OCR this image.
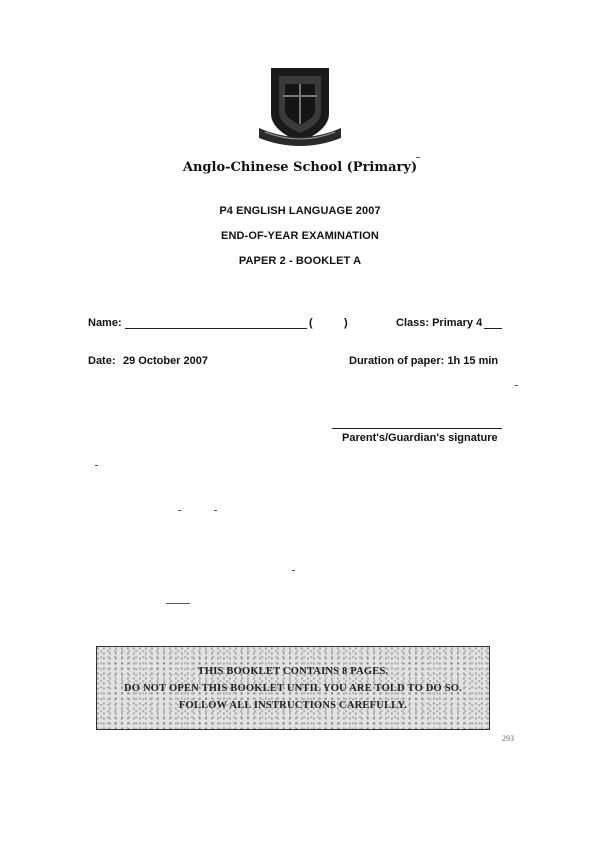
Anglo-Chinese School (Primary)
P4 ENGLISH LANGUAGE 2007
END-OF-YEAR EXAMINATION
PAPER 2 - BOOKLET A
Name:	(	)	Class: Primary 4
Date: 29 October 2007	Duration of paper: 1h 15 min
Parent's/Guardian's signature
THIS BOOKLET CONTAINS 8 PAGES.
DO NOT OPEN THIS BOOKLET UNTIL YOU ARE TOLD TO DO SO.
FOLLOW ALL INSTRUCTIONS CAREFULLY.
293
